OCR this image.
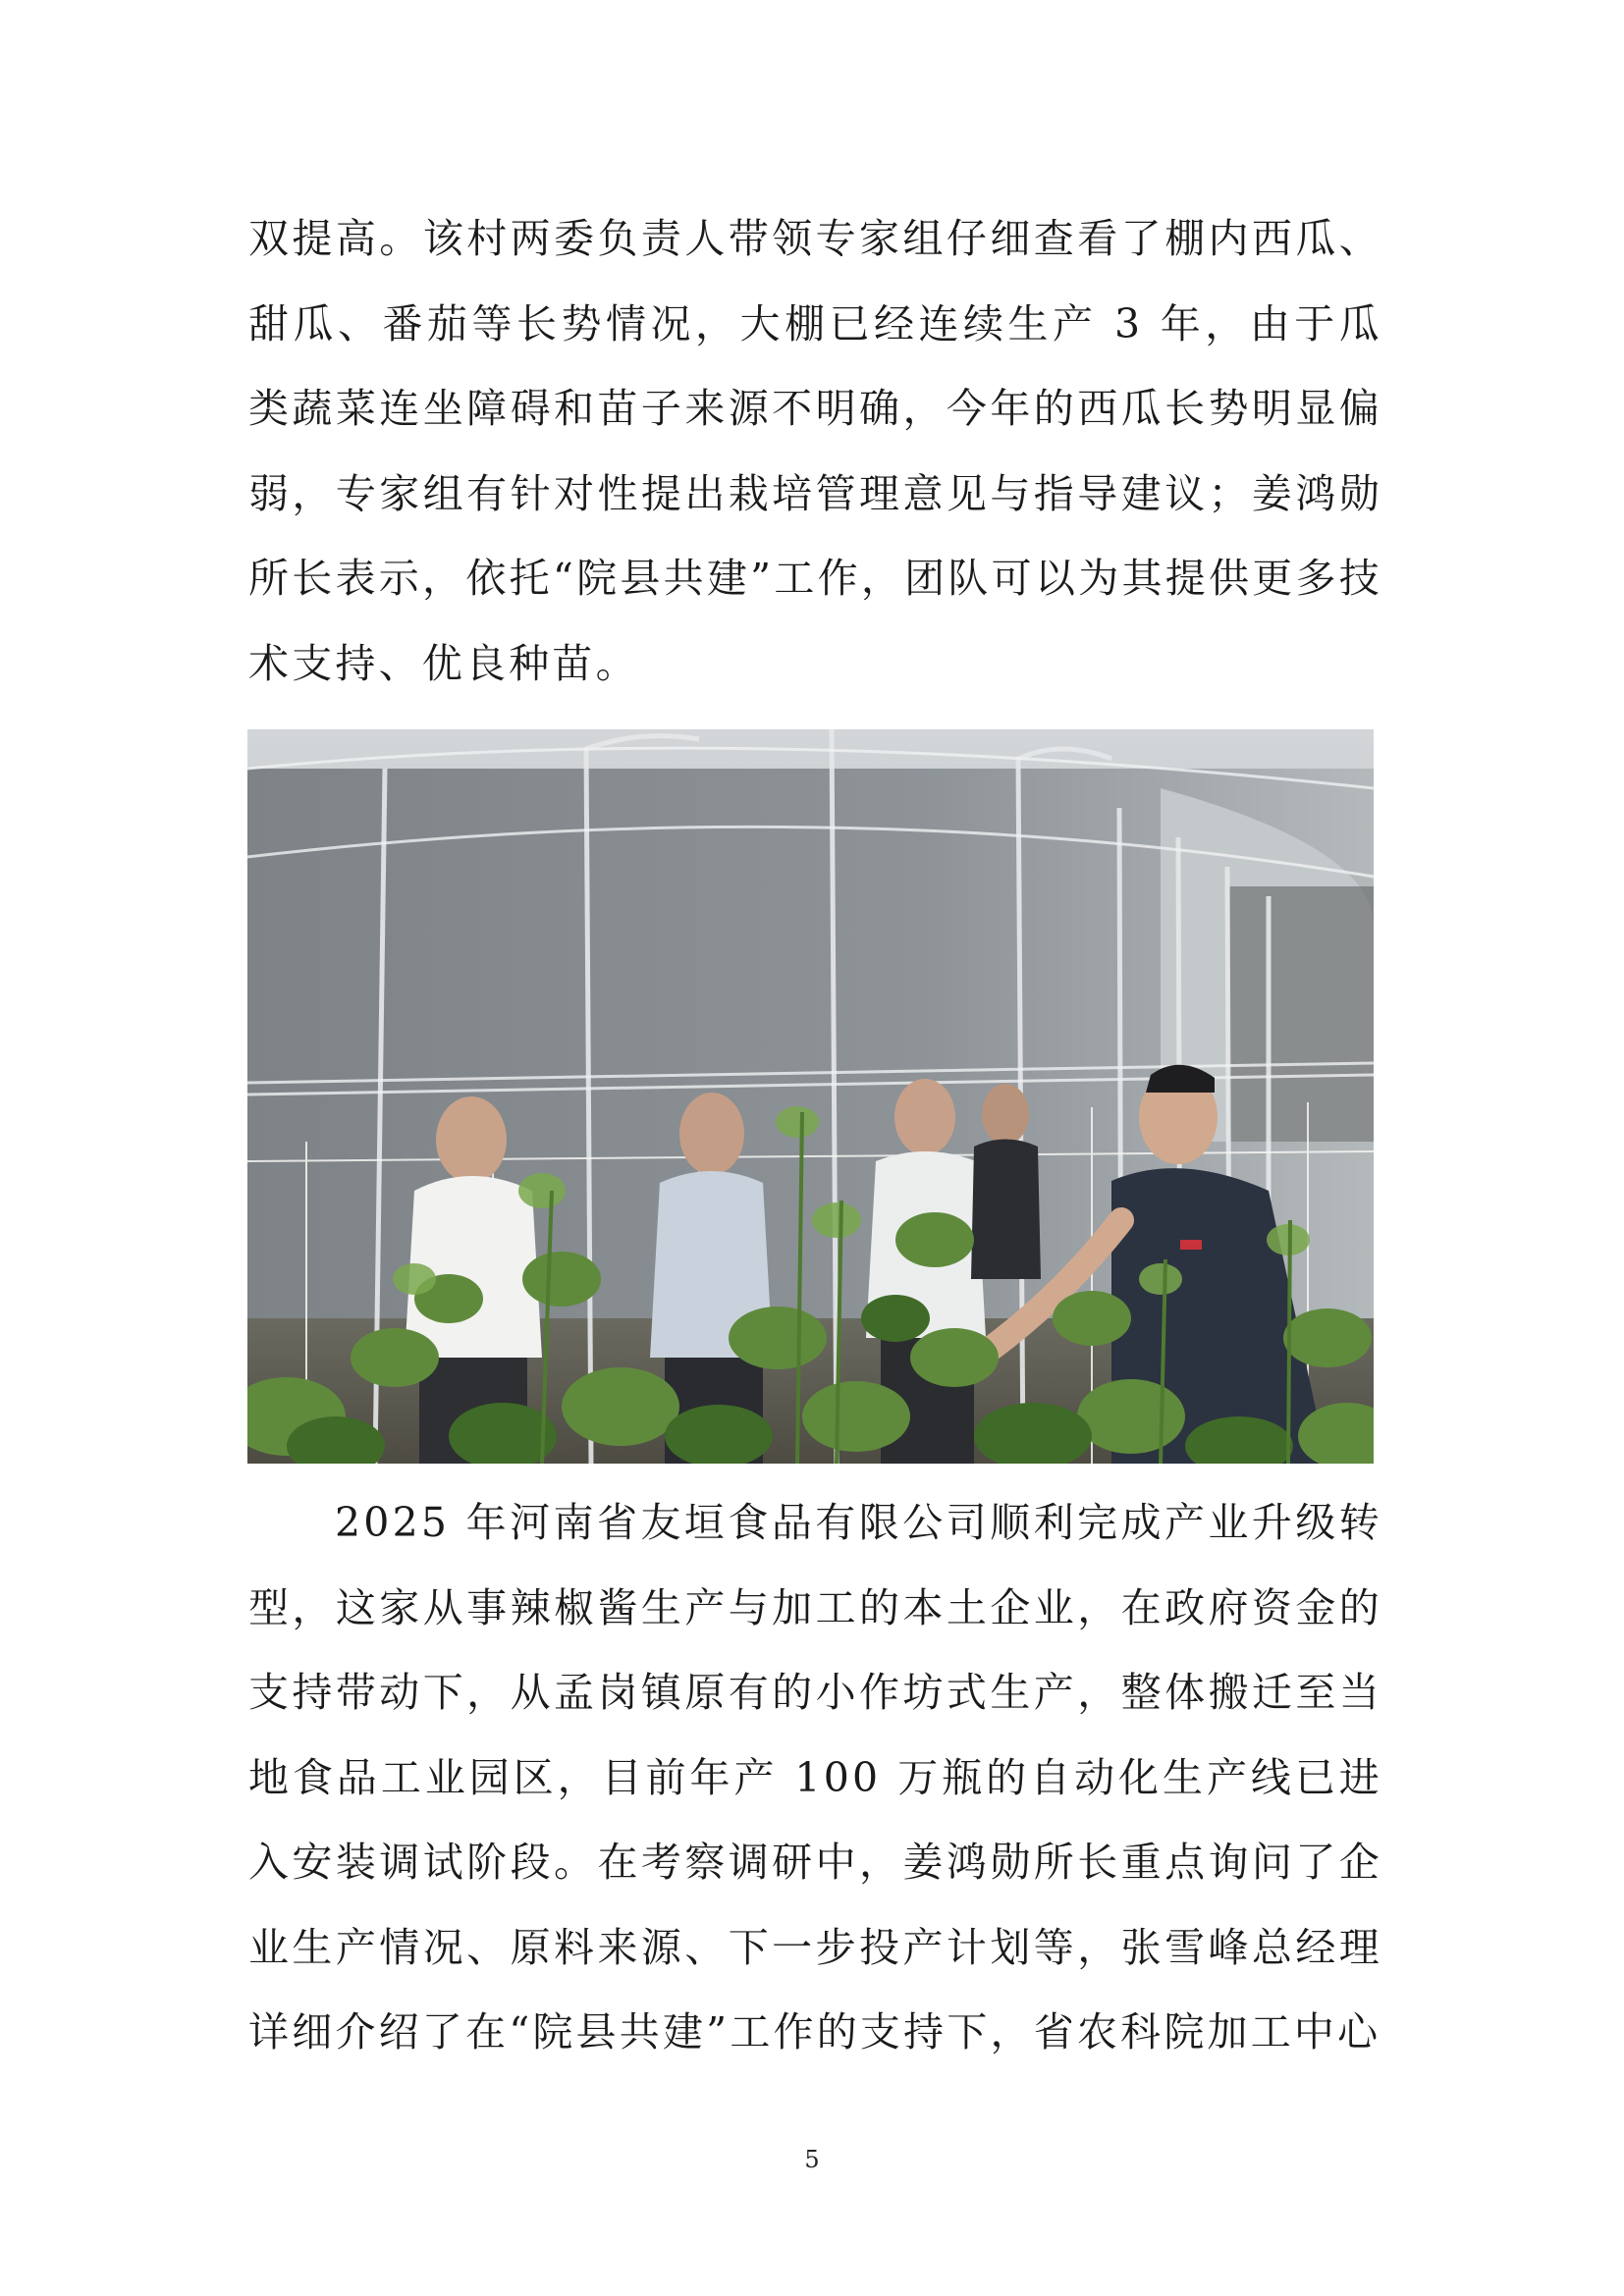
双提高。该村两委负责人带领专家组仔细查看了棚内西瓜、甜瓜、番茄等长势情况，大棚已经连续生产 3 年，由于瓜类蔬菜连坐障碍和苗子来源不明确，今年的西瓜长势明显偏弱，专家组有针对性提出栽培管理意见与指导建议；姜鸿勋所长表示，依托“院县共建”工作，团队可以为其提供更多技术支持、优良种苗。

2025 年河南省友垣食品有限公司顺利完成产业升级转型，这家从事辣椒酱生产与加工的本土企业，在政府资金的支持带动下，从孟岗镇原有的小作坊式生产，整体搬迁至当地食品工业园区，目前年产 100 万瓶的自动化生产线已进入安装调试阶段。在考察调研中，姜鸿勋所长重点询问了企业生产情况、原料来源、下一步投产计划等，张雪峰总经理详细介绍了在“院县共建”工作的支持下，省农科院加工中心

5
